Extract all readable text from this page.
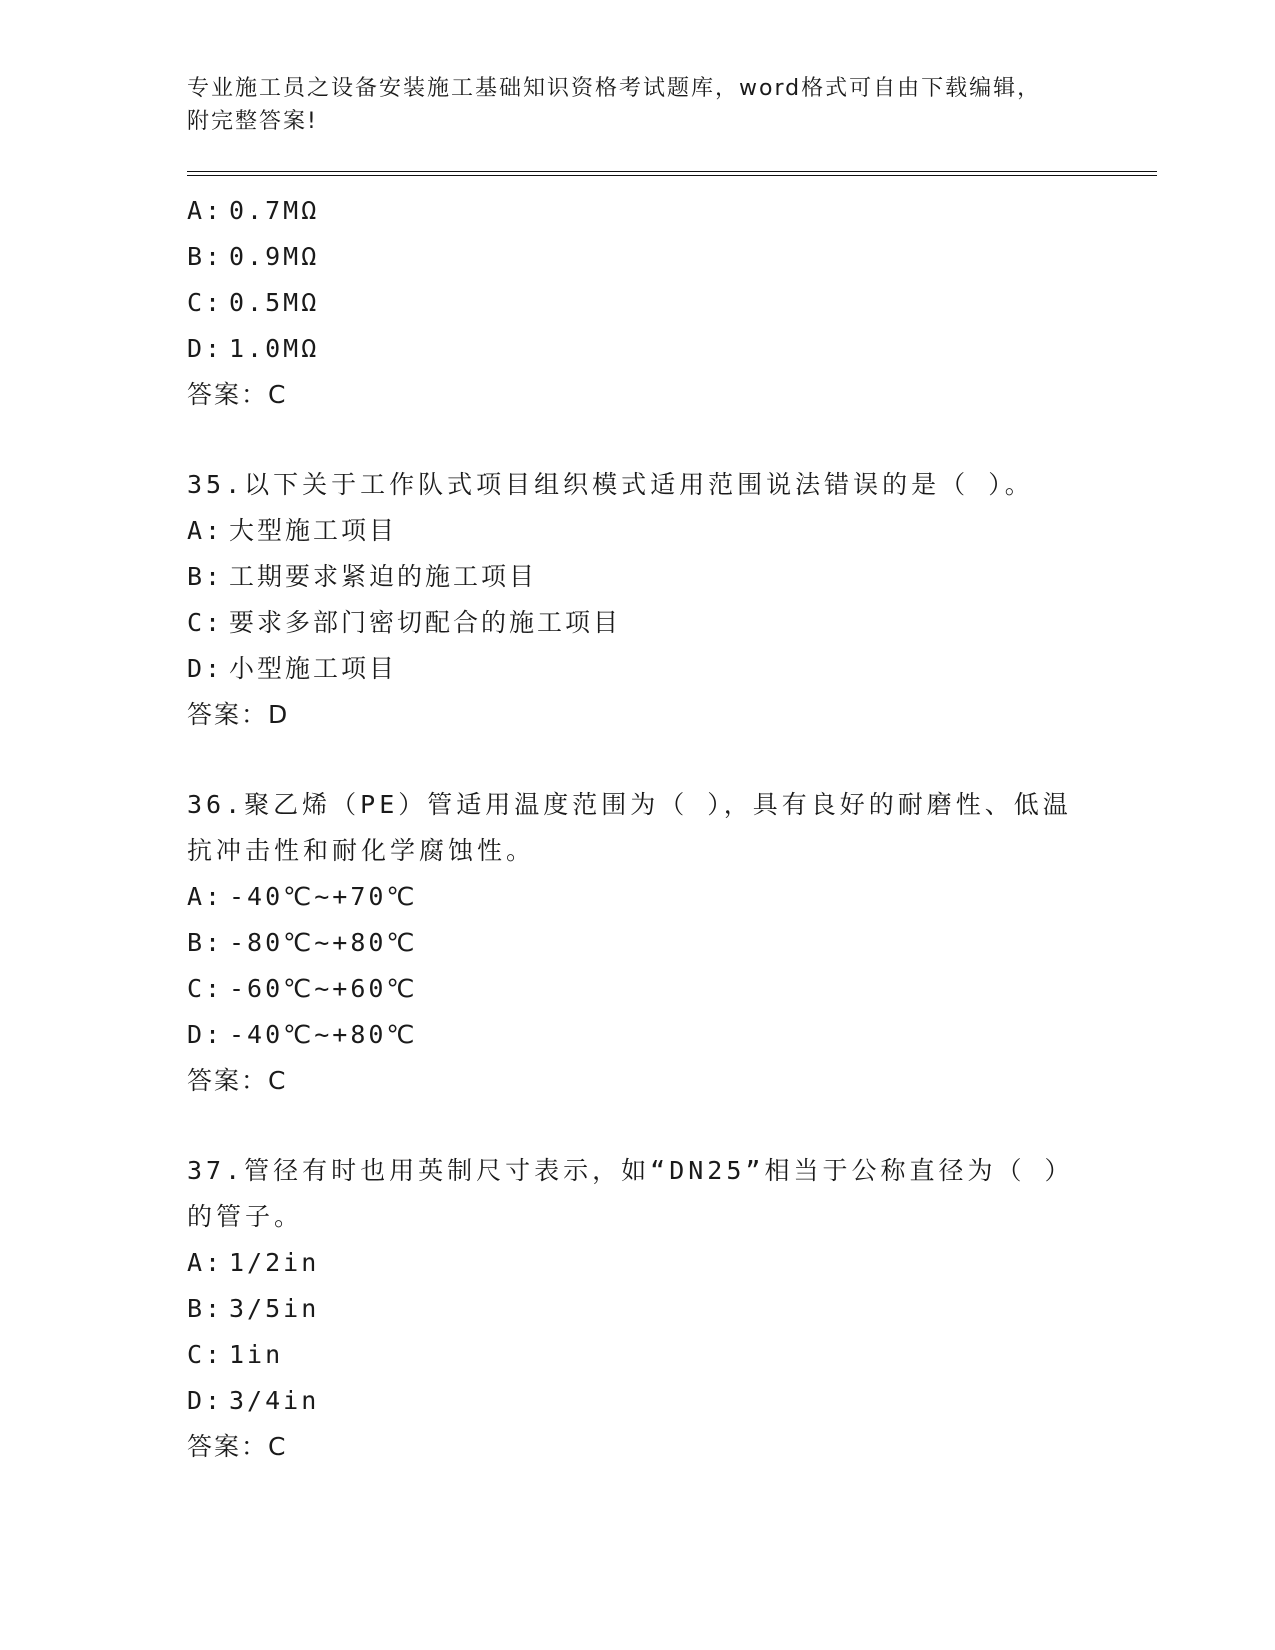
专业施工员之设备安装施工基础知识资格考试题库，word格式可自由下载编辑，

附完整答案!

A: 0.7MΩ
B: 0.9MΩ
C: 0.5MΩ
D: 1.0MΩ
答案：C
35.以下关于工作队式项目组织模式适用范围说法错误的是（ ）。
A: 大型施工项目
B: 工期要求紧迫的施工项目
C: 要求多部门密切配合的施工项目
D: 小型施工项目
答案：D
36.聚乙烯（PE）管适用温度范围为（ ），具有良好的耐磨性、低温
抗冲击性和耐化学腐蚀性。
A: -40℃~+70℃
B: -80℃~+80℃
C: -60℃~+60℃
D: -40℃~+80℃
答案：C
37.管径有时也用英制尺寸表示，如“DN25”相当于公称直径为（ ）
的管子。
A: 1/2in
B: 3/5in
C: 1in
D: 3/4in
答案：C
